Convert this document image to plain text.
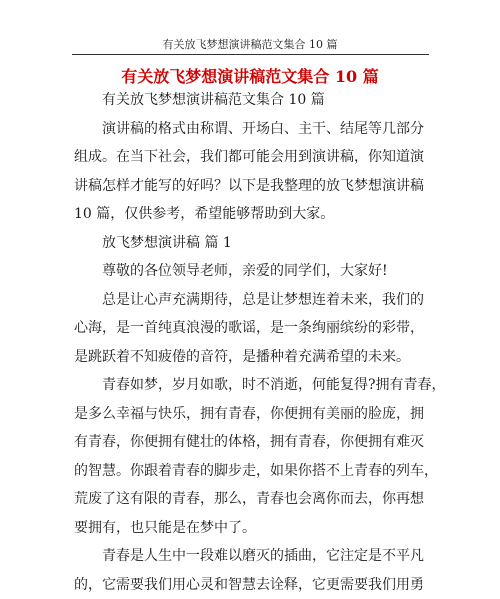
有关放飞梦想演讲稿范文集合 10 篇
有关放飞梦想演讲稿范文集合 10 篇
有关放飞梦想演讲稿范文集合 10 篇
演讲稿的格式由称谓、开场白、主干、结尾等几部分
组成。在当下社会，我们都可能会用到演讲稿，你知道演
讲稿怎样才能写的好吗？以下是我整理的放飞梦想演讲稿
10 篇，仅供参考，希望能够帮助到大家。
放飞梦想演讲稿 篇 1
尊敬的各位领导老师，亲爱的同学们，大家好!
总是让心声充满期待，总是让梦想连着未来，我们的
心海，是一首纯真浪漫的歌谣，是一条绚丽缤纷的彩带，
是跳跃着不知疲倦的音符，是播种着充满希望的未来。
青春如梦，岁月如歌，时不消逝，何能复得?拥有青春，
是多么幸福与快乐，拥有青春，你便拥有美丽的脸庞，拥
有青春，你便拥有健壮的体格，拥有青春，你便拥有难灭
的智慧。你跟着青春的脚步走，如果你搭不上青春的列车，
荒废了这有限的青春，那么，青春也会离你而去，你再想
要拥有，也只能是在梦中了。
青春是人生中一段难以磨灭的插曲，它注定是不平凡
的，它需要我们用心灵和智慧去诠释，它更需要我们用勇
